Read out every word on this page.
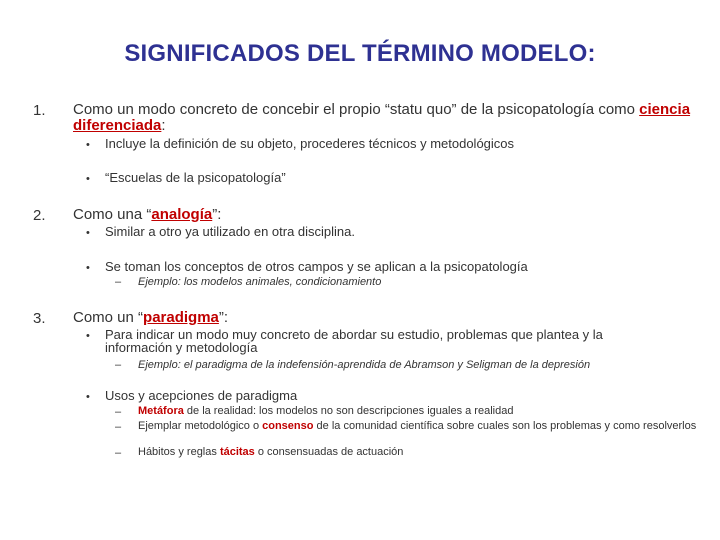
SIGNIFICADOS DEL TÉRMINO MODELO:
1. Como un modo concreto de concebir el propio “statu quo” de la psicopatología como ciencia diferenciada:
• Incluye la definición de su objeto, procederes técnicos y metodológicos
• “Escuelas de la psicopatología”
2. Como una “analogía”:
• Similar a otro ya utilizado en otra disciplina.
• Se toman los conceptos de otros campos y se aplican a la psicopatología
– Ejemplo: los modelos animales, condicionamiento
3. Como un “paradigma”:
• Para indicar un modo muy concreto de abordar su estudio, problemas que plantea y la información y metodología
– Ejemplo: el paradigma de la indefensión-aprendida de Abramson y Seligman de la depresión
• Usos y acepciones de paradigma
– Metáfora de la realidad: los modelos no son descripciones iguales a realidad
– Ejemplar metodológico o consenso de la comunidad científica sobre cuales son los problemas y como resolverlos
– Hábitos y reglas tácitas o consensuadas de actuación
